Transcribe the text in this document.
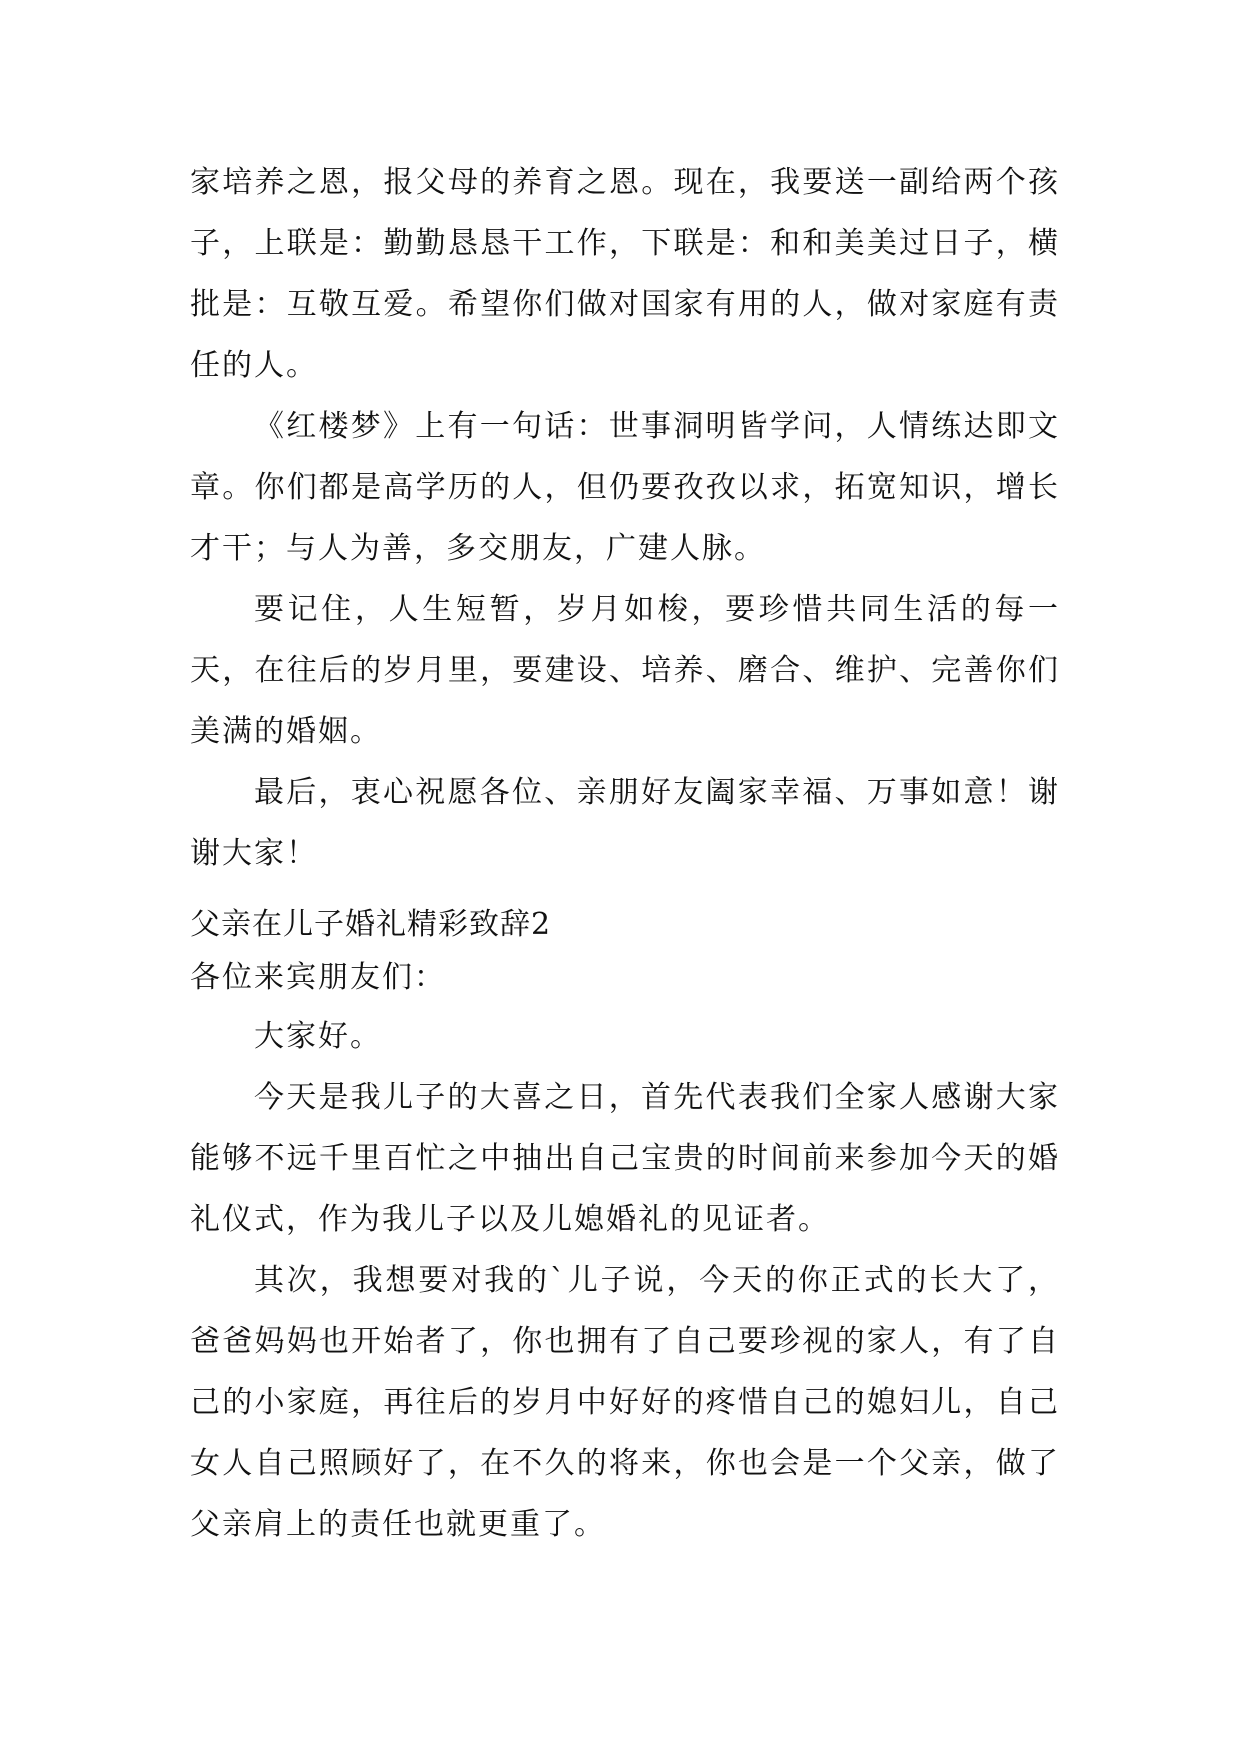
家培养之恩，报父母的养育之恩。现在，我要送一副给两个孩子，上联是：勤勤恳恳干工作，下联是：和和美美过日子，横批是：互敬互爱。希望你们做对国家有用的人，做对家庭有责任的人。

《红楼梦》上有一句话：世事洞明皆学问，人情练达即文章。你们都是高学历的人，但仍要孜孜以求，拓宽知识，增长才干；与人为善，多交朋友，广建人脉。

要记住，人生短暂，岁月如梭，要珍惜共同生活的每一天，在往后的岁月里，要建设、培养、磨合、维护、完善你们美满的婚姻。

最后，衷心祝愿各位、亲朋好友阖家幸福、万事如意！谢谢大家！

父亲在儿子婚礼精彩致辞2

各位来宾朋友们：

大家好。

今天是我儿子的大喜之日，首先代表我们全家人感谢大家能够不远千里百忙之中抽出自己宝贵的时间前来参加今天的婚礼仪式，作为我儿子以及儿媳婚礼的见证者。

其次，我想要对我的`儿子说，今天的你正式的长大了，爸爸妈妈也开始者了，你也拥有了自己要珍视的家人，有了自己的小家庭，再往后的岁月中好好的疼惜自己的媳妇儿，自己女人自己照顾好了，在不久的将来，你也会是一个父亲，做了父亲肩上的责任也就更重了。
